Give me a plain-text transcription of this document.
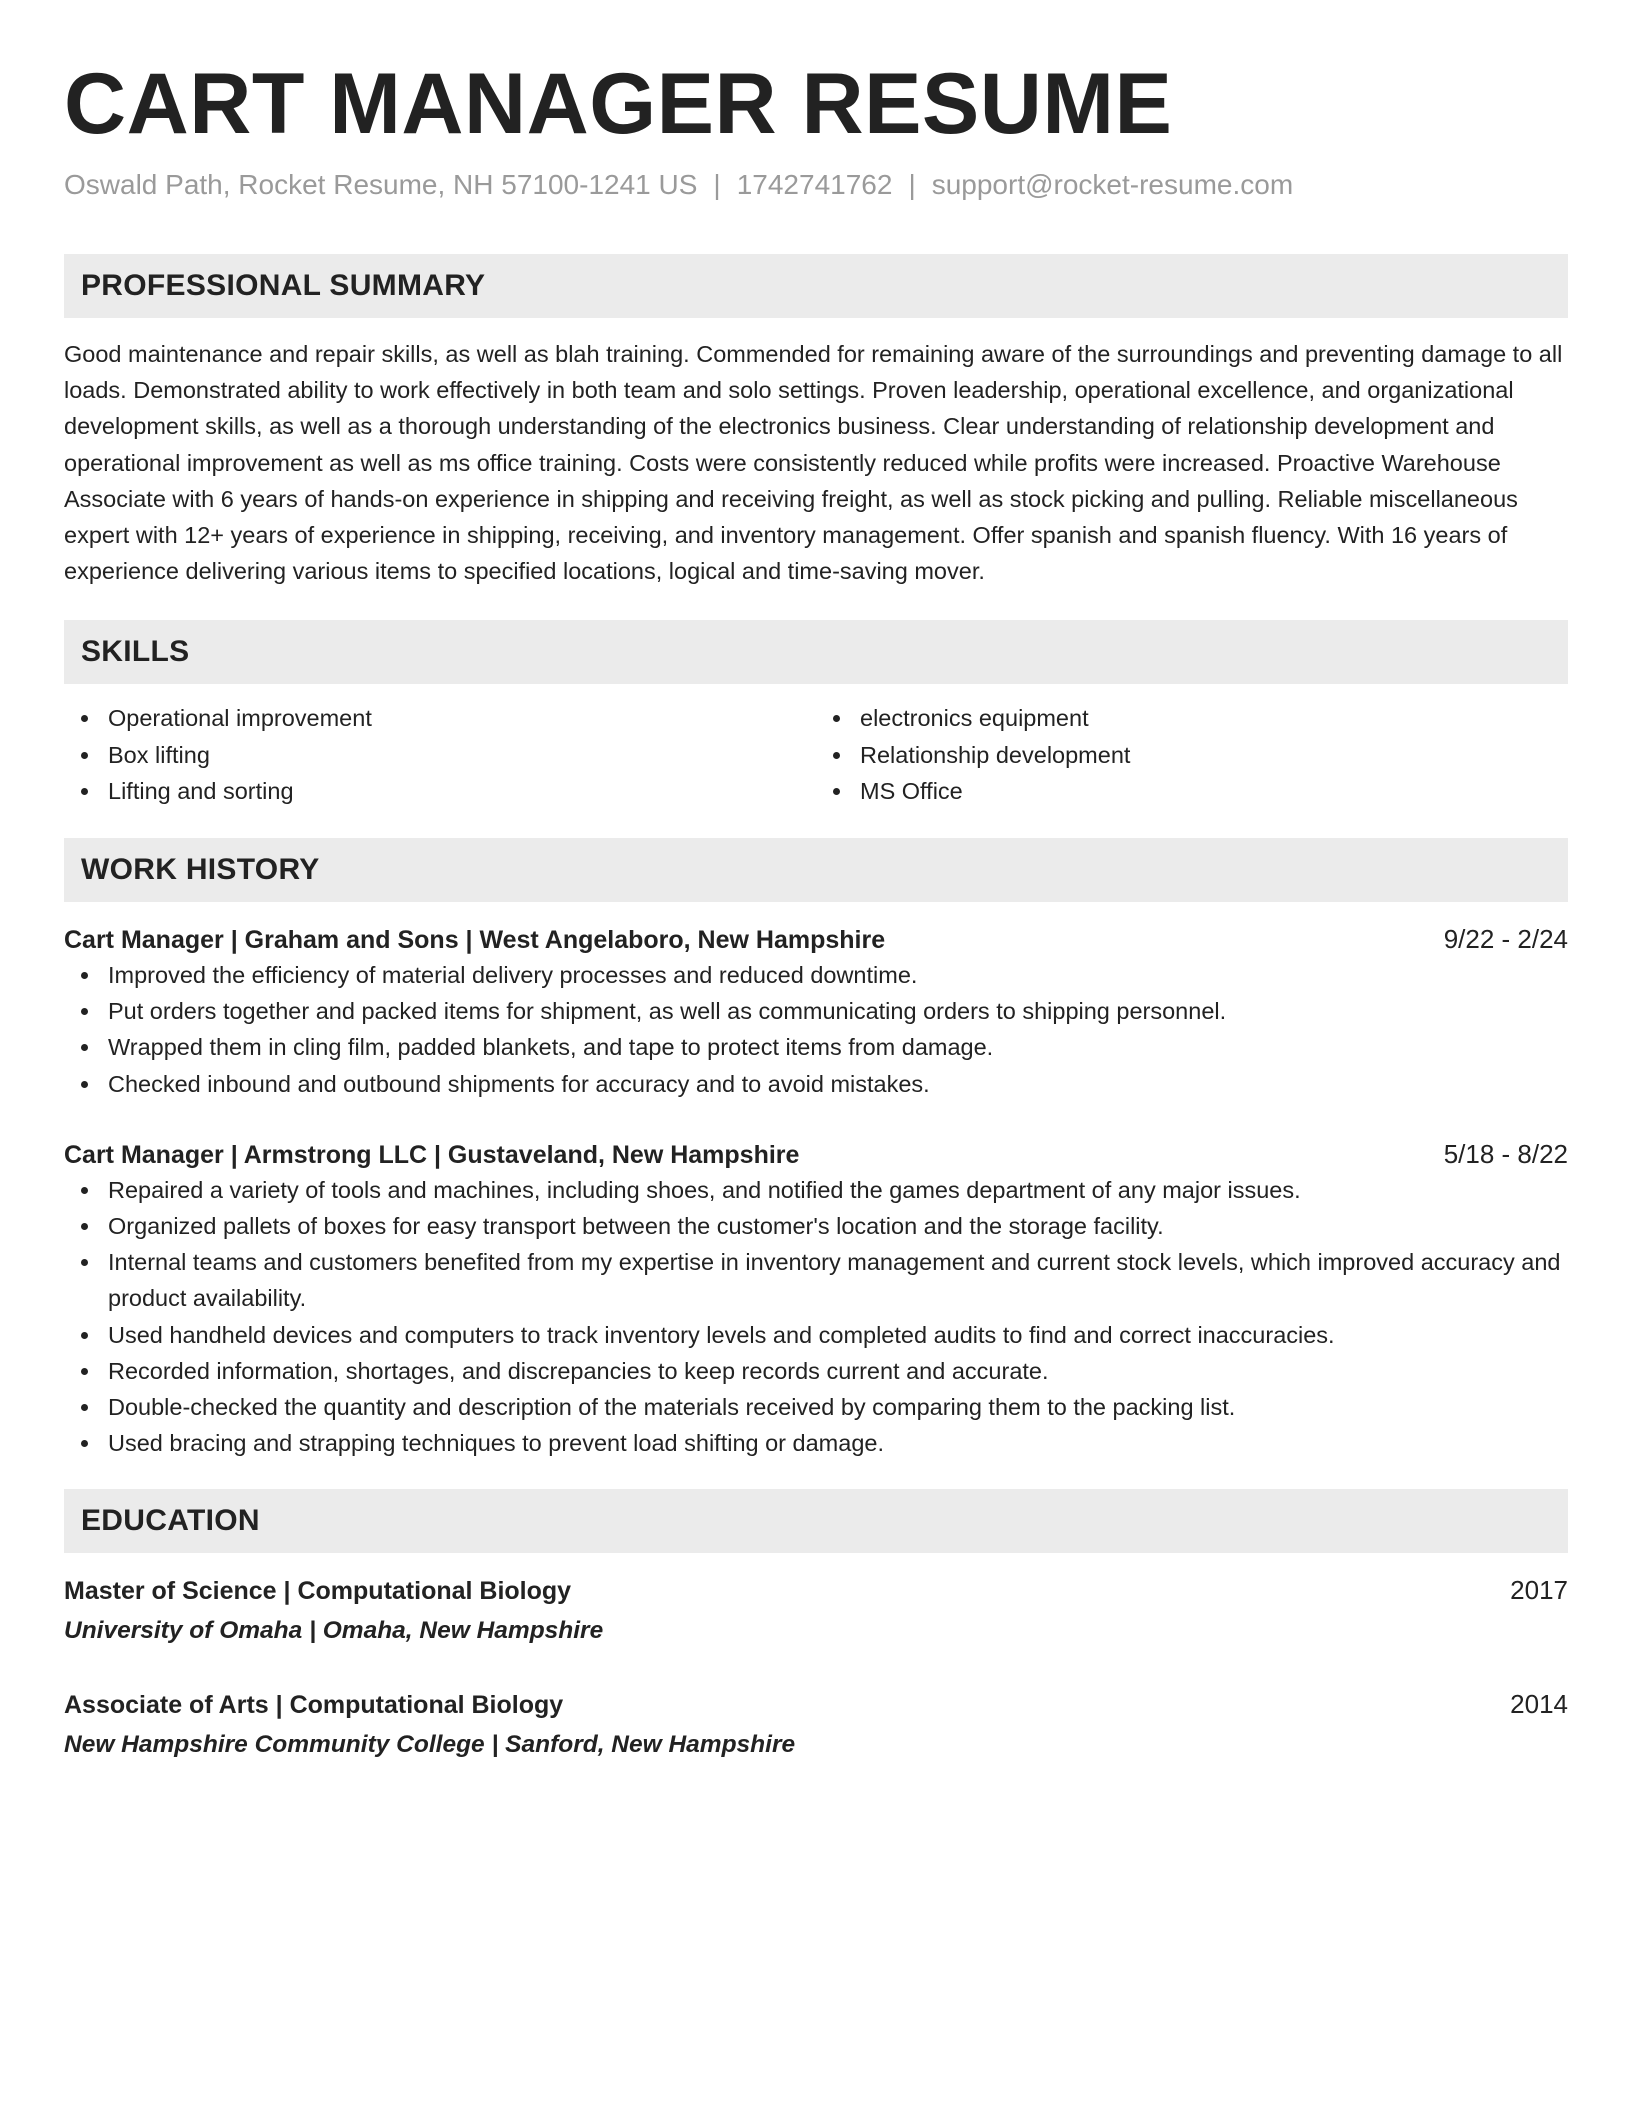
CART MANAGER RESUME
Oswald Path, Rocket Resume, NH 57100-1241 US | 1742741762 | support@rocket-resume.com
PROFESSIONAL SUMMARY

Good maintenance and repair skills, as well as blah training. Commended for remaining aware of the surroundings and preventing damage to all loads. Demonstrated ability to work effectively in both team and solo settings. Proven leadership, operational excellence, and organizational development skills, as well as a thorough understanding of the electronics business. Clear understanding of relationship development and operational improvement as well as ms office training. Costs were consistently reduced while profits were increased. Proactive Warehouse Associate with 6 years of hands-on experience in shipping and receiving freight, as well as stock picking and pulling. Reliable miscellaneous expert with 12+ years of experience in shipping, receiving, and inventory management. Offer spanish and spanish fluency. With 16 years of experience delivering various items to specified locations, logical and time-saving mover.

SKILLS
Operational improvement
Box lifting
Lifting and sorting
electronics equipment
Relationship development
MS Office
WORK HISTORY
Cart Manager | Graham and Sons | West Angelaboro, New Hampshire	9/22 - 2/24
Improved the efficiency of material delivery processes and reduced downtime.
Put orders together and packed items for shipment, as well as communicating orders to shipping personnel.
Wrapped them in cling film, padded blankets, and tape to protect items from damage.
Checked inbound and outbound shipments for accuracy and to avoid mistakes.
Cart Manager | Armstrong LLC | Gustaveland, New Hampshire	5/18 - 8/22
Repaired a variety of tools and machines, including shoes, and notified the games department of any major issues.
Organized pallets of boxes for easy transport between the customer's location and the storage facility.
Internal teams and customers benefited from my expertise in inventory management and current stock levels, which improved accuracy and product availability.
Used handheld devices and computers to track inventory levels and completed audits to find and correct inaccuracies.
Recorded information, shortages, and discrepancies to keep records current and accurate.
Double-checked the quantity and description of the materials received by comparing them to the packing list.
Used bracing and strapping techniques to prevent load shifting or damage.
EDUCATION
Master of Science | Computational Biology	2017
University of Omaha | Omaha, New Hampshire
Associate of Arts | Computational Biology	2014
New Hampshire Community College | Sanford, New Hampshire
